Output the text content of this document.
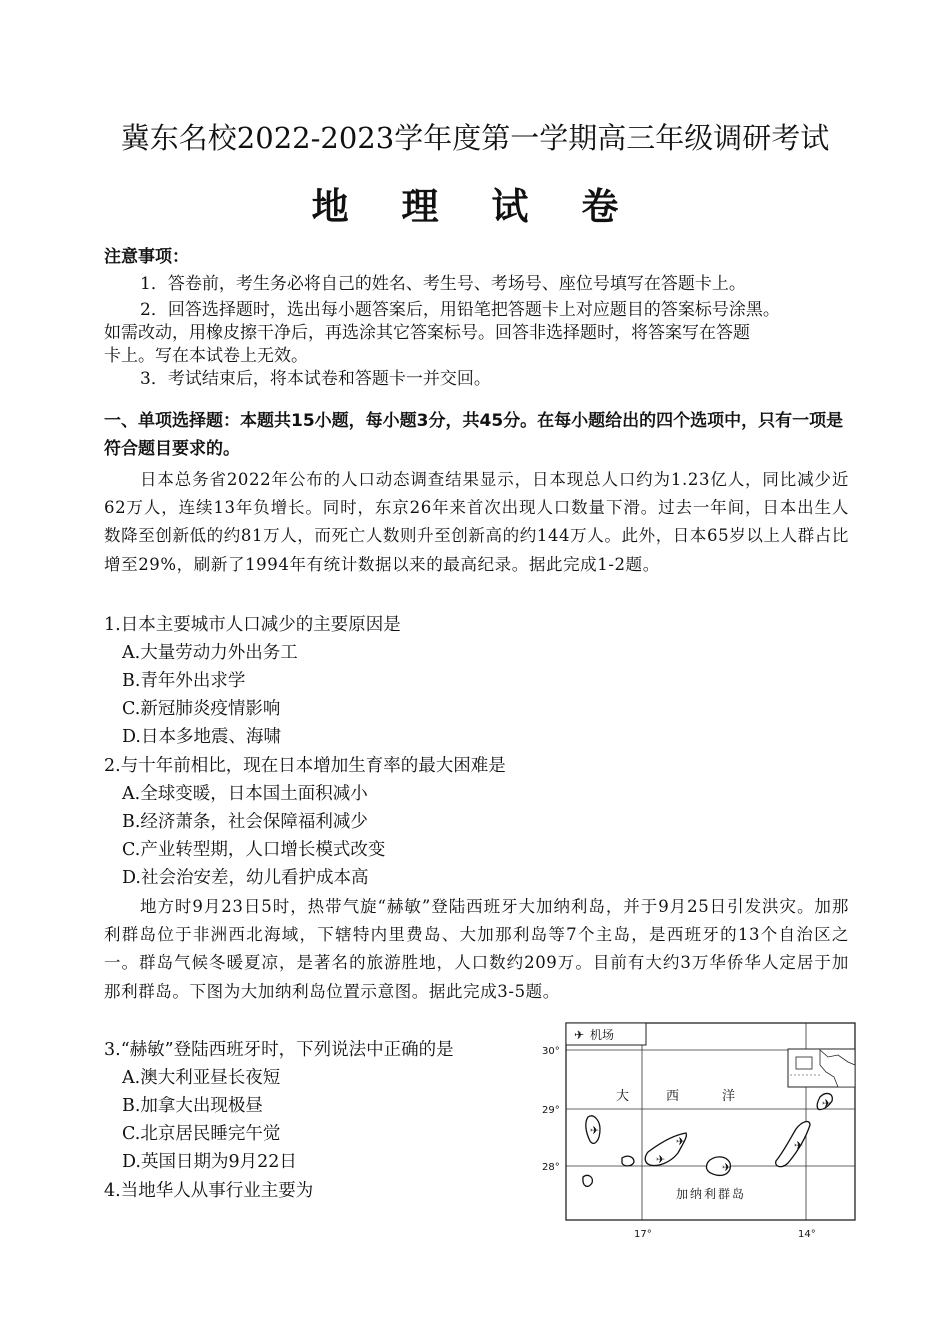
冀东名校2022-2023学年度第一学期高三年级调研考试
地 理 试 卷
注意事项：
1．答卷前，考生务必将自己的姓名、考生号、考场号、座位号填写在答题卡上。
2．回答选择题时，选出每小题答案后，用铅笔把答题卡上对应题目的答案标号涂黑。
如需改动，用橡皮擦干净后，再选涂其它答案标号。回答非选择题时，将答案写在答题
卡上。写在本试卷上无效。
3．考试结束后，将本试卷和答题卡一并交回。
一、单项选择题：本题共15小题，每小题3分，共45分。在每小题给出的四个选项中，只有一项是符合题目要求的。
日本总务省2022年公布的人口动态调查结果显示，日本现总人口约为1.23亿人，同比减少近62万人，连续13年负增长。同时，东京26年来首次出现人口数量下滑。过去一年间，日本出生人数降至创新低的约81万人，而死亡人数则升至创新高的约144万人。此外，日本65岁以上人群占比增至29%，刷新了1994年有统计数据以来的最高纪录。据此完成1-2题。
1.日本主要城市人口减少的主要原因是
A.大量劳动力外出务工
B.青年外出求学
C.新冠肺炎疫情影响
D.日本多地震、海啸
2.与十年前相比，现在日本增加生育率的最大困难是
A.全球变暖，日本国土面积减小
B.经济萧条，社会保障福利减少
C.产业转型期，人口增长模式改变
D.社会治安差，幼儿看护成本高
地方时9月23日5时，热带气旋“赫敏”登陆西班牙大加纳利岛，并于9月25日引发洪灾。加那利群岛位于非洲西北海域，下辖特内里费岛、大加那利岛等7个主岛，是西班牙的13个自治区之一。群岛气候冬暖夏凉，是著名的旅游胜地，人口数约209万。目前有大约3万华侨华人定居于加那利群岛。下图为大加纳利岛位置示意图。据此完成3-5题。
3.“赫敏”登陆西班牙时，下列说法中正确的是
A.澳大利亚昼长夜短
B.加拿大出现极昼
C.北京居民睡完午觉
D.英国日期为9月22日
4.当地华人从事行业主要为
✈ 机场
30°
29°
28°
17°	14°
大	西	洋
✈
✈
✈
✈
✈
✈
加纳利群岛
